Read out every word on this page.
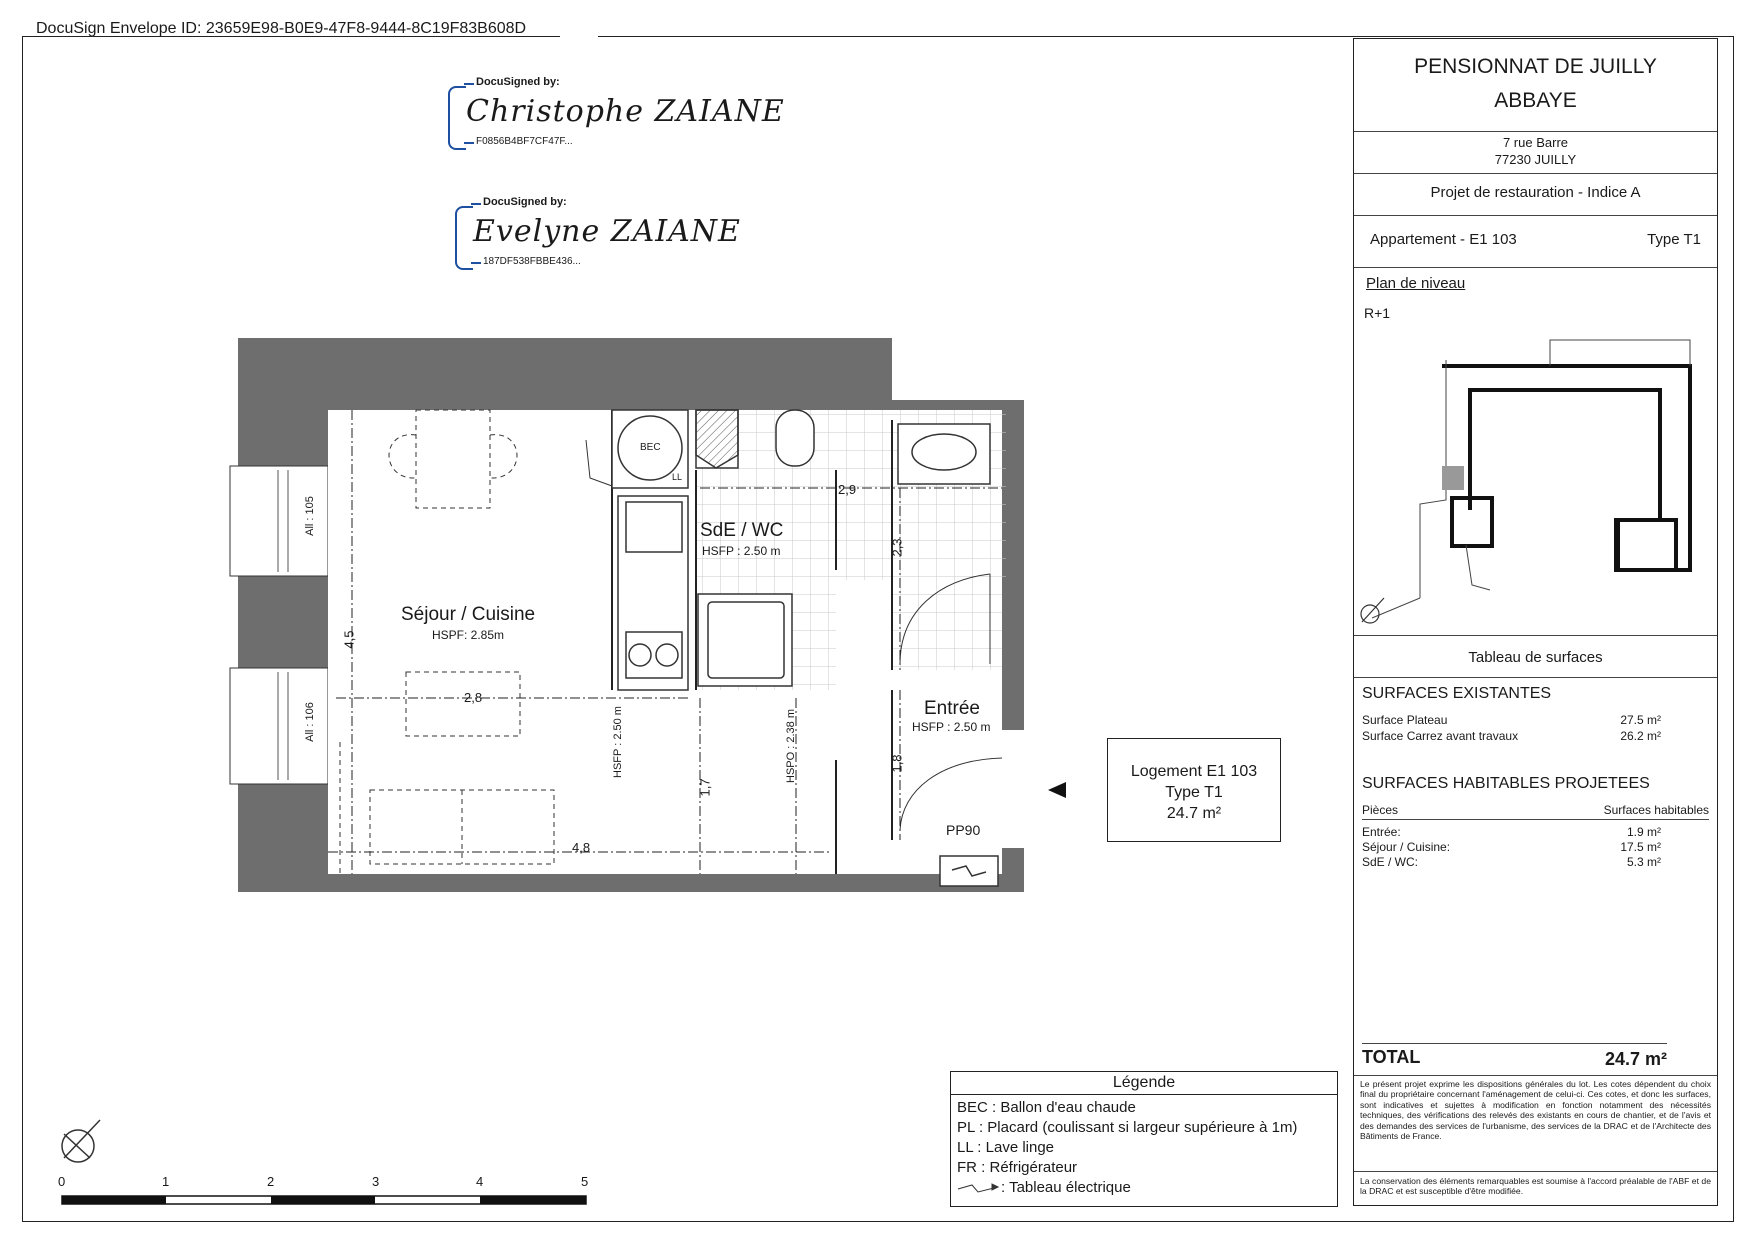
DocuSign Envelope ID: 23659E98-B0E9-47F8-9444-8C19F83B608D
DocuSigned by:
Christophe ZAIANE
F0856B4BF7CF47F...
DocuSigned by:
Evelyne ZAIANE
187DF538FBBE436...
Séjour / Cuisine
HSPF: 2.85m
SdE / WC
HSFP : 2.50 m
Entrée
HSFP : 2.50 m
BEC
LL
PP90
2,9
2,3
4,5
2,8
1,7
4,8
1,8
All : 105
All : 106	HSFP : 2.50 m	HSPO : 2.38 m	Logement E1 103
Type T1
24.7 m²
0	1	2	3	4	5
Légende
BEC : Ballon d'eau chaude
PL : Placard (coulissant si largeur supérieure à 1m)
LL : Lave linge
FR : Réfrigérateur
: Tableau électrique
PENSIONNAT DE JUILLY
ABBAYE
7 rue Barre
77230 JUILLY
Projet de restauration - Indice A
Appartement - E1 103	Type T1
Plan de niveau
R+1
Tableau de surfaces
SURFACES EXISTANTES
Surface Plateau	27.5 m²
Surface Carrez avant travaux	26.2 m²
SURFACES HABITABLES PROJETEES
Pièces	Surfaces habitables
Entrée:	1.9 m²
Séjour / Cuisine:	17.5 m²
SdE / WC:	5.3 m²
TOTAL	24.7 m²
Le présent projet exprime les dispositions générales du lot. Les cotes dépendent du choix final du propriétaire concernant l'aménagement de celui-ci. Ces cotes, et donc les surfaces, sont indicatives et sujettes à modification en fonction notamment des nécessités techniques, des vérifications des relevés des existants en cours de chantier, et de l'avis et des demandes des services de l'urbanisme, des services de la DRAC et de l'Architecte des Bâtiments de France.
La conservation des éléments remarquables est soumise à l'accord préalable de l'ABF et de la DRAC et est susceptible d'être modifiée.
